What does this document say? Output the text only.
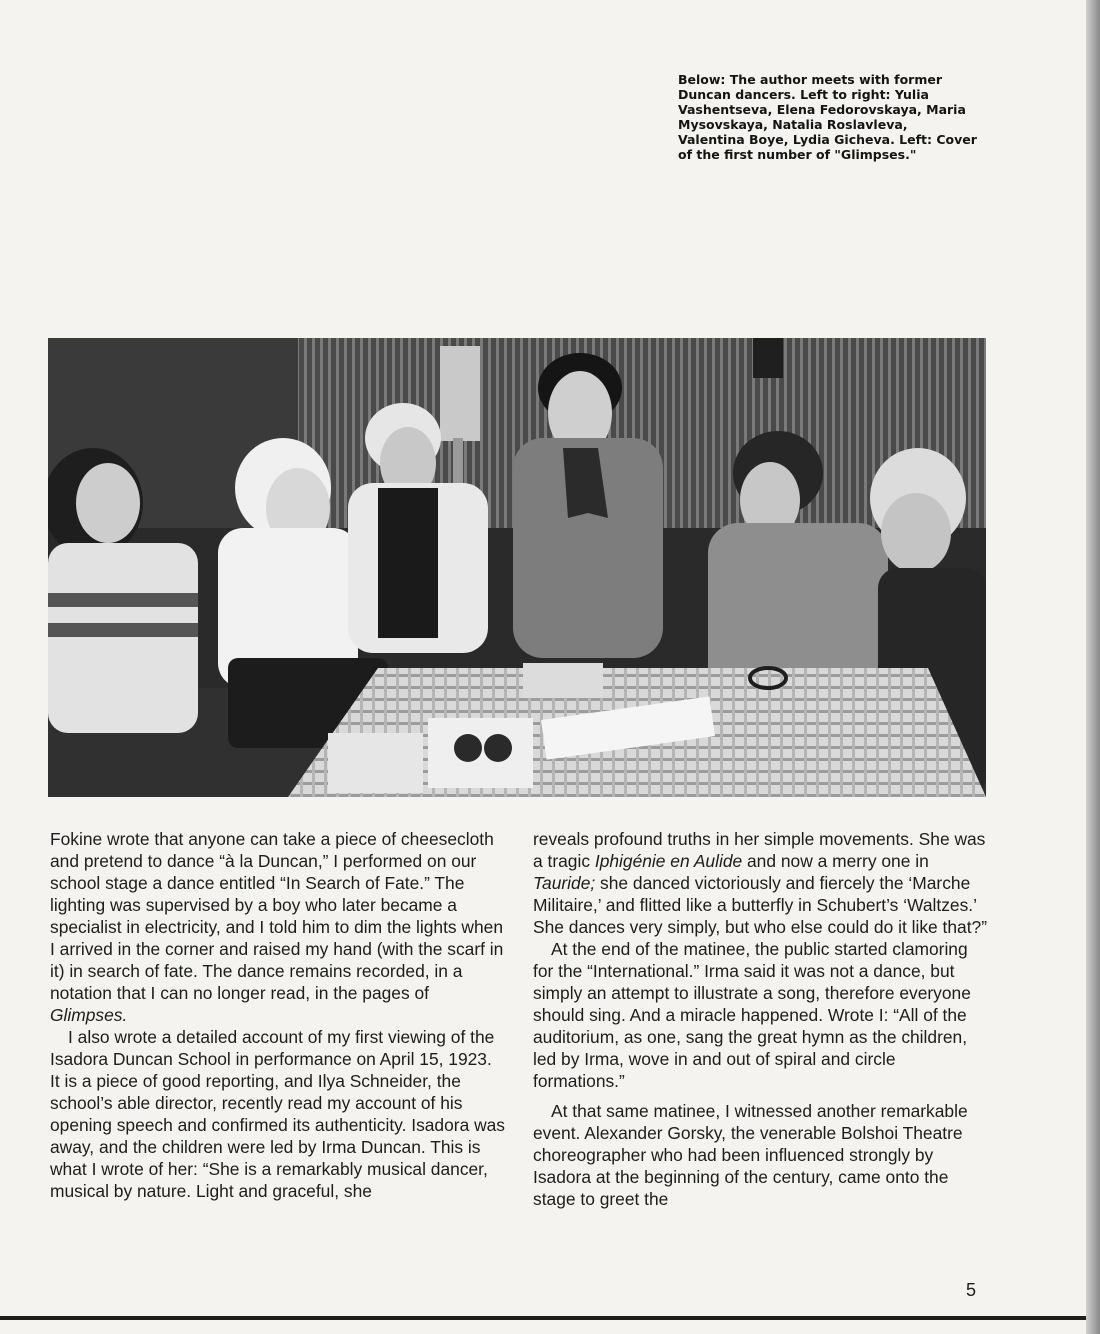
Below: The author meets with former Duncan dancers. Left to right: Yulia Vashentseva, Elena Fedorovskaya, Maria Mysovskaya, Natalia Roslavleva, Valentina Boye, Lydia Gicheva. Left: Cover of the first number of "Glimpses."

Fokine wrote that anyone can take a piece of cheesecloth and pretend to dance “à la Duncan,” I performed on our school stage a dance entitled “In Search of Fate.” The lighting was supervised by a boy who later became a specialist in electricity, and I told him to dim the lights when I arrived in the corner and raised my hand (with the scarf in it) in search of fate. The dance remains recorded, in a notation that I can no longer read, in the pages of Glimpses.

I also wrote a detailed account of my first viewing of the Isadora Duncan School in performance on April 15, 1923. It is a piece of good reporting, and Ilya Schneider, the school’s able director, recently read my account of his opening speech and confirmed its authenticity. Isadora was away, and the children were led by Irma Duncan. This is what I wrote of her: “She is a remarkably musical dancer, musical by nature. Light and graceful, she

reveals profound truths in her simple movements. She was a tragic Iphigénie en Aulide and now a merry one in Tauride; she danced victoriously and fiercely the ‘Marche Militaire,’ and flitted like a butterfly in Schubert’s ‘Waltzes.’ She dances very simply, but who else could do it like that?”

At the end of the matinee, the public started clamoring for the “International.” Irma said it was not a dance, but simply an attempt to illustrate a song, therefore everyone should sing. And a miracle happened. Wrote I: “All of the auditorium, as one, sang the great hymn as the children, led by Irma, wove in and out of spiral and circle formations.”

At that same matinee, I witnessed another remarkable event. Alexander Gorsky, the venerable Bolshoi Theatre choreographer who had been influenced strongly by Isadora at the beginning of the century, came onto the stage to greet the

5
